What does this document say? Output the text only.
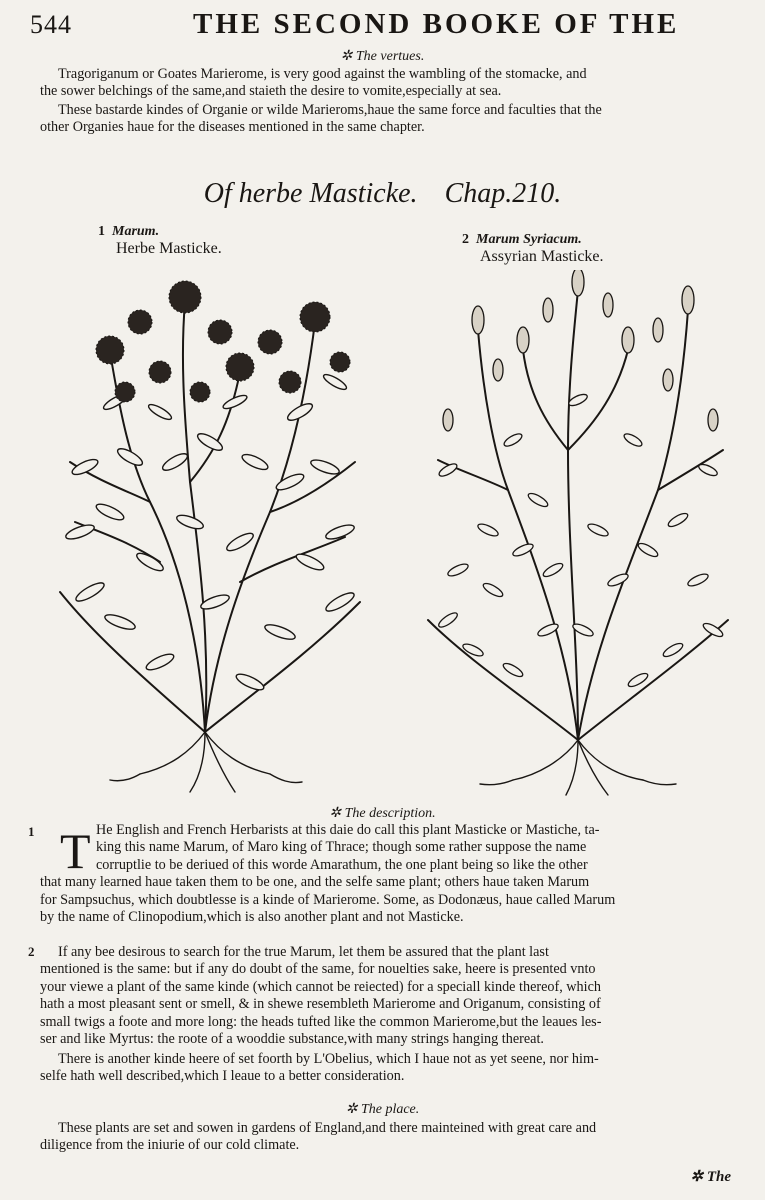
544	THE SECOND BOOKE OF THE
✲ The vertues.
Tragoriganum or Goates Marierome, is very good against the wambling of the stomacke, and
the sower belchings of the same,and staieth the desire to vomite,especially at sea.
These bastarde kindes of Organie or wilde Marieroms,haue the same force and faculties that the
other Organies haue for the diseases mentioned in the same chapter.
Of herbe Masticke. Chap.210.
1 Marum.
Herbe Masticke.
2 Marum Syriacum.
Assyrian Masticke.
✲ The description.
1 T He English and French Herbarists at this daie do call this plant Masticke or Mastiche, ta-
king this name Marum, of Maro king of Thrace; though some rather suppose the name
corruptlie to be deriued of this worde Amarathum, the one plant being so like the other
that many learned haue taken them to be one, and the selfe same plant; others haue taken Marum
for Sampsuchus, which doubtlesse is a kinde of Marierome. Some, as Dodonæus, haue called Marum
by the name of Clinopodium,which is also another plant and not Masticke.
2	If any bee desirous to search for the true Marum, let them be assured that the plant last
mentioned is the same: but if any do doubt of the same, for nouelties sake, heere is presented vnto
your viewe a plant of the same kinde (which cannot be reiected) for a speciall kinde thereof, which
hath a most pleasant sent or smell, & in shewe resembleth Marierome and Origanum, consisting of
small twigs a foote and more long: the heads tufted like the common Marierome,but the leaues les-
ser and like Myrtus: the roote of a wooddie substance,with many strings hanging thereat.
There is another kinde heere of set foorth by L'Obelius, which I haue not as yet seene, nor him-
selfe hath well described,which I leaue to a better consideration.
✲ The place.
These plants are set and sowen in gardens of England,and there mainteined with great care and
diligence from the iniurie of our cold climate.
✲ The
